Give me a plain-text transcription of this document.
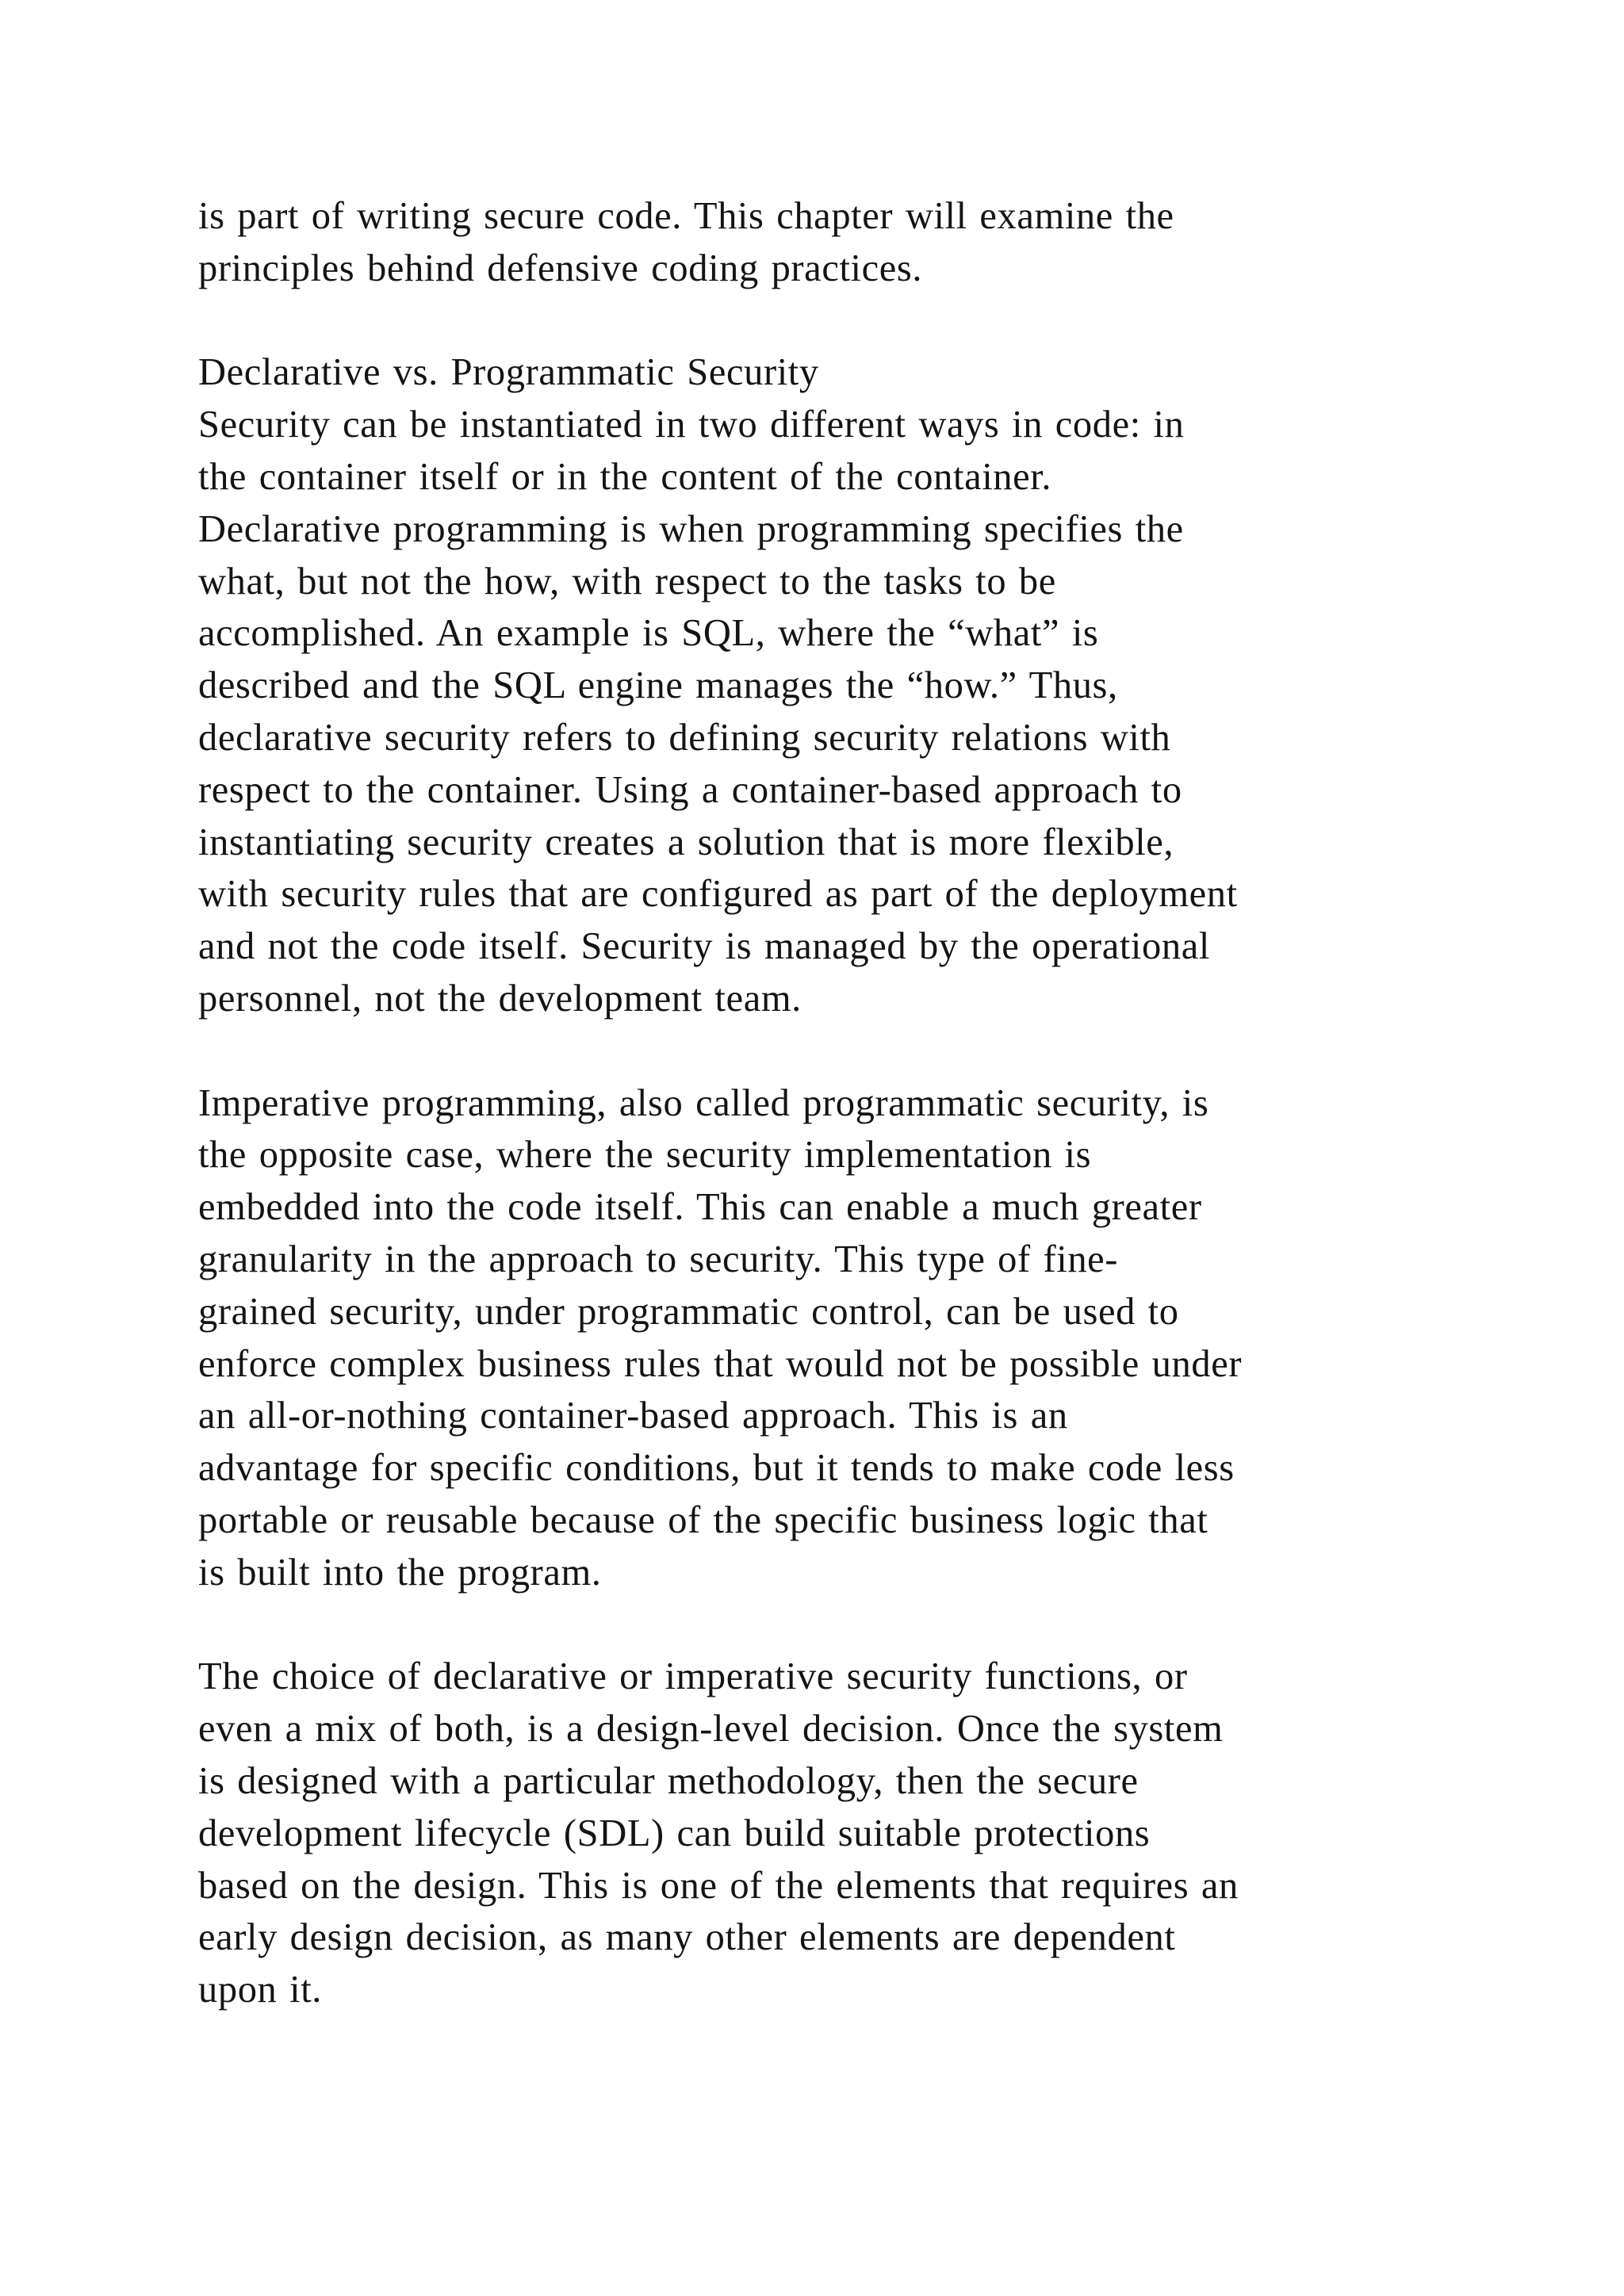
is part of writing secure code. This chapter will examine the
principles behind defensive coding practices.
Declarative vs. Programmatic Security
Security can be instantiated in two different ways in code: in
the container itself or in the content of the container.
Declarative programming is when programming specifies the
what, but not the how, with respect to the tasks to be
accomplished. An example is SQL, where the “what” is
described and the SQL engine manages the “how.” Thus,
declarative security refers to defining security relations with
respect to the container. Using a container-based approach to
instantiating security creates a solution that is more flexible,
with security rules that are configured as part of the deployment
and not the code itself. Security is managed by the operational
personnel, not the development team.
Imperative programming, also called programmatic security, is
the opposite case, where the security implementation is
embedded into the code itself. This can enable a much greater
granularity in the approach to security. This type of fine-
grained security, under programmatic control, can be used to
enforce complex business rules that would not be possible under
an all-or-nothing container-based approach. This is an
advantage for specific conditions, but it tends to make code less
portable or reusable because of the specific business logic that
is built into the program.
The choice of declarative or imperative security functions, or
even a mix of both, is a design-level decision. Once the system
is designed with a particular methodology, then the secure
development lifecycle (SDL) can build suitable protections
based on the design. This is one of the elements that requires an
early design decision, as many other elements are dependent
upon it.
